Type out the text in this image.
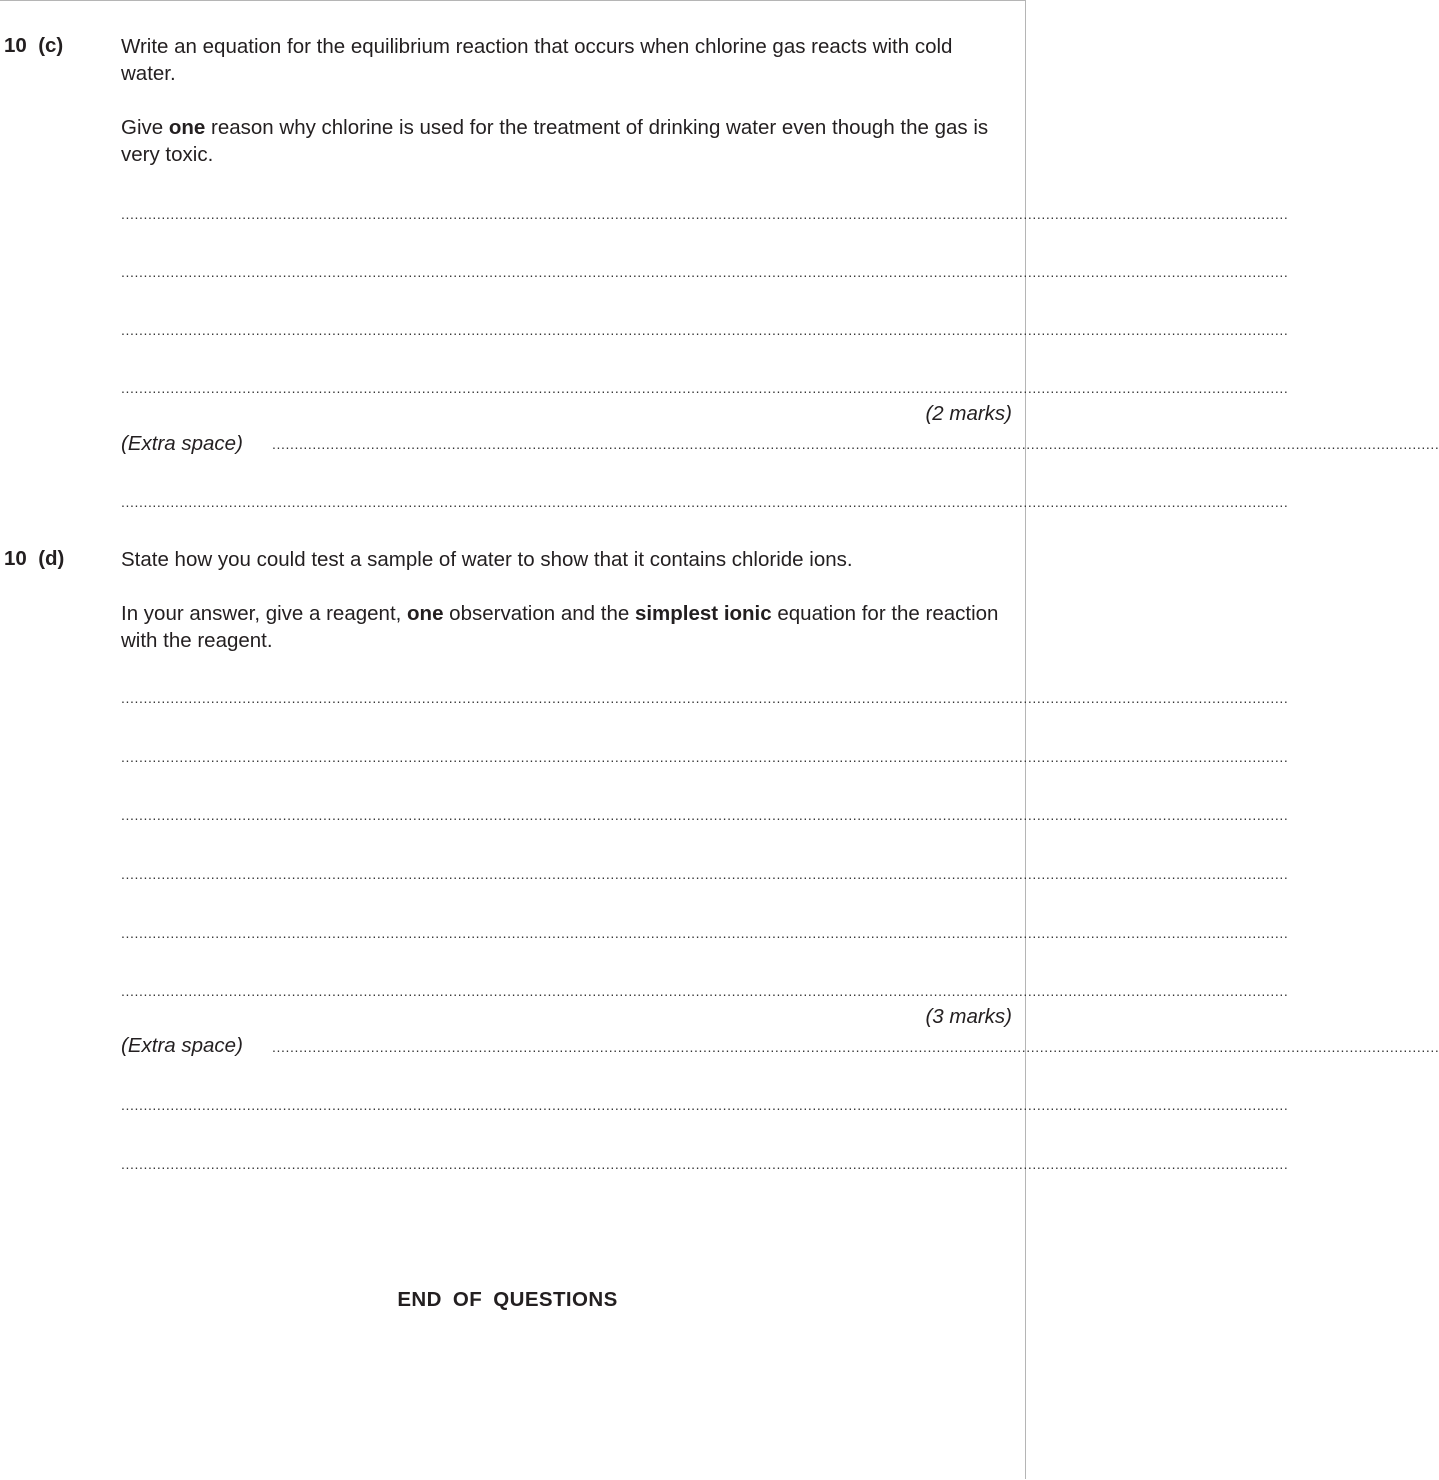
10  (c)	Write an equation for the equilibrium reaction that occurs when chlorine gas reacts with cold water.
Give one reason why chlorine is used for the treatment of drinking water even though the gas is very toxic.
....................................................................................................................................................................................................................................................................
....................................................................................................................................................................................................................................................................
....................................................................................................................................................................................................................................................................
....................................................................................................................................................................................................................................................................
(2 marks)
(Extra space) ....................................................................................................................................................................................................................................................................
....................................................................................................................................................................................................................................................................
10  (d)	State how you could test a sample of water to show that it contains chloride ions.
In your answer, give a reagent, one observation and the simplest ionic equation for the reaction with the reagent.
....................................................................................................................................................................................................................................................................
....................................................................................................................................................................................................................................................................
....................................................................................................................................................................................................................................................................
....................................................................................................................................................................................................................................................................
....................................................................................................................................................................................................................................................................
....................................................................................................................................................................................................................................................................
(3 marks)
(Extra space) ....................................................................................................................................................................................................................................................................
....................................................................................................................................................................................................................................................................
....................................................................................................................................................................................................................................................................
END OF QUESTIONS
